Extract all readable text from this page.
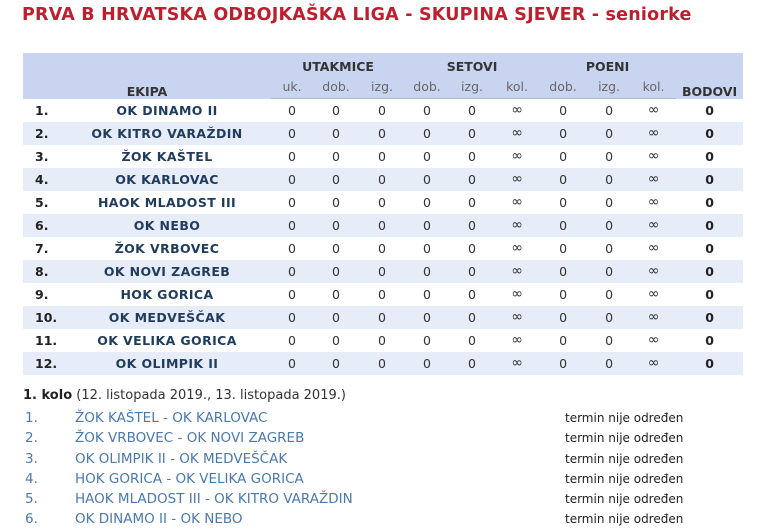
PRVA B HRVATSKA ODBOJKAŠKA LIGA - SKUPINA SJEVER - seniorke
EKIPA		UTAKMICE			SETOVI			POENI			BODOVI
		uk.	dob.	izg.	dob.	izg.	kol.	dob.	izg.	kol.	
1.	OK DINAMO II	0	0	0	0	0	∞	0	0	∞	0
2.	OK KITRO VARAŽDIN	0	0	0	0	0	∞	0	0	∞	0
3.	ŽOK KAŠTEL	0	0	0	0	0	∞	0	0	∞	0
4.	OK KARLOVAC	0	0	0	0	0	∞	0	0	∞	0
5.	HAOK MLADOST III	0	0	0	0	0	∞	0	0	∞	0
6.	OK NEBO	0	0	0	0	0	∞	0	0	∞	0
7.	ŽOK VRBOVEC	0	0	0	0	0	∞	0	0	∞	0
8.	OK NOVI ZAGREB	0	0	0	0	0	∞	0	0	∞	0
9.	HOK GORICA	0	0	0	0	0	∞	0	0	∞	0
10.	OK MEDVEŠČAK	0	0	0	0	0	∞	0	0	∞	0
11.	OK VELIKA GORICA	0	0	0	0	0	∞	0	0	∞	0
12.	OK OLIMPIK II	0	0	0	0	0	∞	0	0	∞	0
1. kolo (12. listopada 2019., 13. listopada 2019.)
1.	ŽOK KAŠTEL - OK KARLOVAC	termin nije određen
2.	ŽOK VRBOVEC - OK NOVI ZAGREB	termin nije određen
3.	OK OLIMPIK II - OK MEDVEŠČAK	termin nije određen
4.	HOK GORICA - OK VELIKA GORICA	termin nije određen
5.	HAOK MLADOST III - OK KITRO VARAŽDIN	termin nije određen
6.	OK DINAMO II - OK NEBO	termin nije određen
